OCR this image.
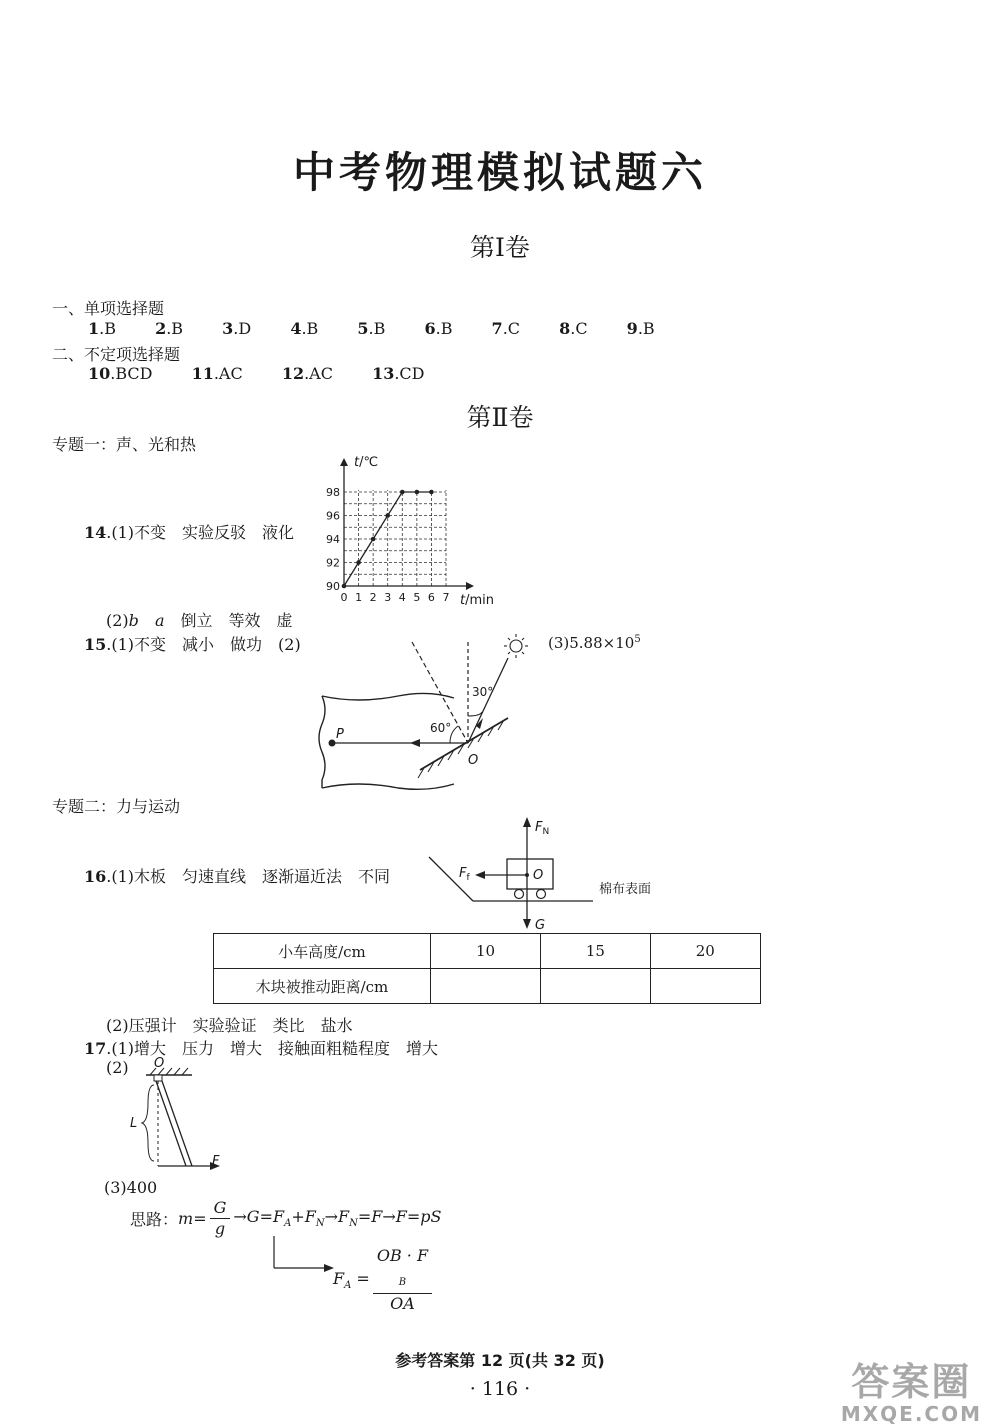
中考物理模拟试题六
第Ⅰ卷
一、单项选择题
1.B 2.B 3.D 4.B 5.B 6.B 7.C 8.C 9.B
二、不定项选择题
10.BCD 11.AC 12.AC 13.CD
第Ⅱ卷
专题一：声、光和热
14.(1)不变　实验反驳　液化
90
92
94
96
98
0 1 2 3 4 5 6 7
t/℃
t/min
(2)b　 a　倒立　等效　虚
15.(1)不变　减小　做功　(2)	$(3)5.88\times 10^5$
30°
60°
P
O
专题二：力与运动
16.(1)木板　匀速直线　逐渐逼近法　不同
$F_N$
$F_f$	O
G
棉布表面
小车高度/cm	10	15	20
木块被推动距离/cm			
(2)压强计　实验验证　类比　盐水
17.(1)增大　压力　增大　接触面粗糙程度　增大
(2) O
L
F
(3)400
思路：$m= \frac{G}{g} \to G=F_A+F_N\to F_N=F\to F=pS$
$F_A$ = OB · F
$_B$
OA
参考答案第 12 页(共 32 页)
· 116 ·	答案圈
MXQE.COM
